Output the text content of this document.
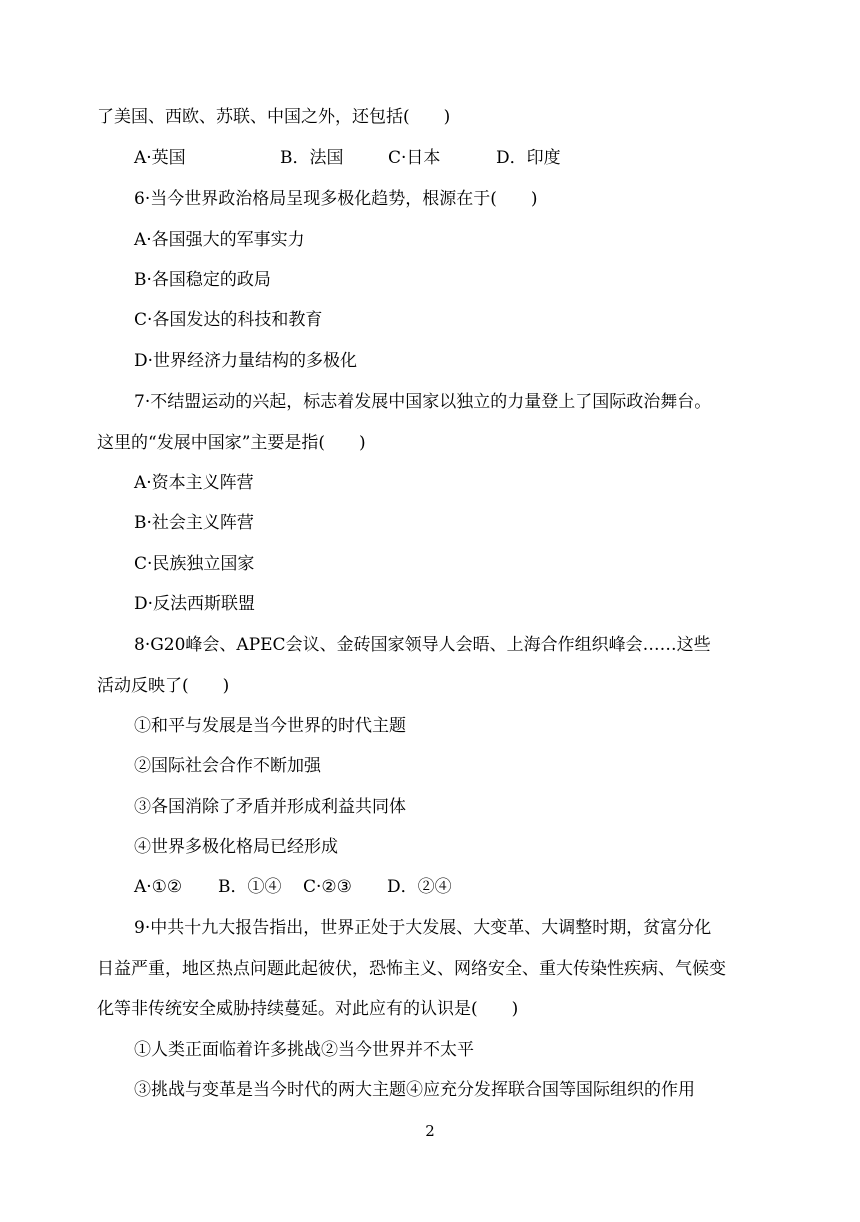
了美国、西欧、苏联、中国之外，还包括(　　)
A·英国	B．法国	C·日本	D．印度
6·当今世界政治格局呈现多极化趋势，根源在于(　　)
A·各国强大的军事实力
B·各国稳定的政局
C·各国发达的科技和教育
D·世界经济力量结构的多极化
7·不结盟运动的兴起，标志着发展中国家以独立的力量登上了国际政治舞台。
这里的“发展中国家”主要是指(　　)
A·资本主义阵营
B·社会主义阵营
C·民族独立国家
D·反法西斯联盟
8·G20峰会、APEC会议、金砖国家领导人会晤、上海合作组织峰会……这些
活动反映了(　　)
①和平与发展是当今世界的时代主题
②国际社会合作不断加强
③各国消除了矛盾并形成利益共同体
④世界多极化格局已经形成
A·①② B．①④ C·②③ D．②④
9·中共十九大报告指出，世界正处于大发展、大变革、大调整时期，贫富分化
日益严重，地区热点问题此起彼伏，恐怖主义、网络安全、重大传染性疾病、气候变
化等非传统安全威胁持续蔓延。对此应有的认识是(　　)
①人类正面临着许多挑战②当今世界并不太平
③挑战与变革是当今时代的两大主题④应充分发挥联合国等国际组织的作用
2
